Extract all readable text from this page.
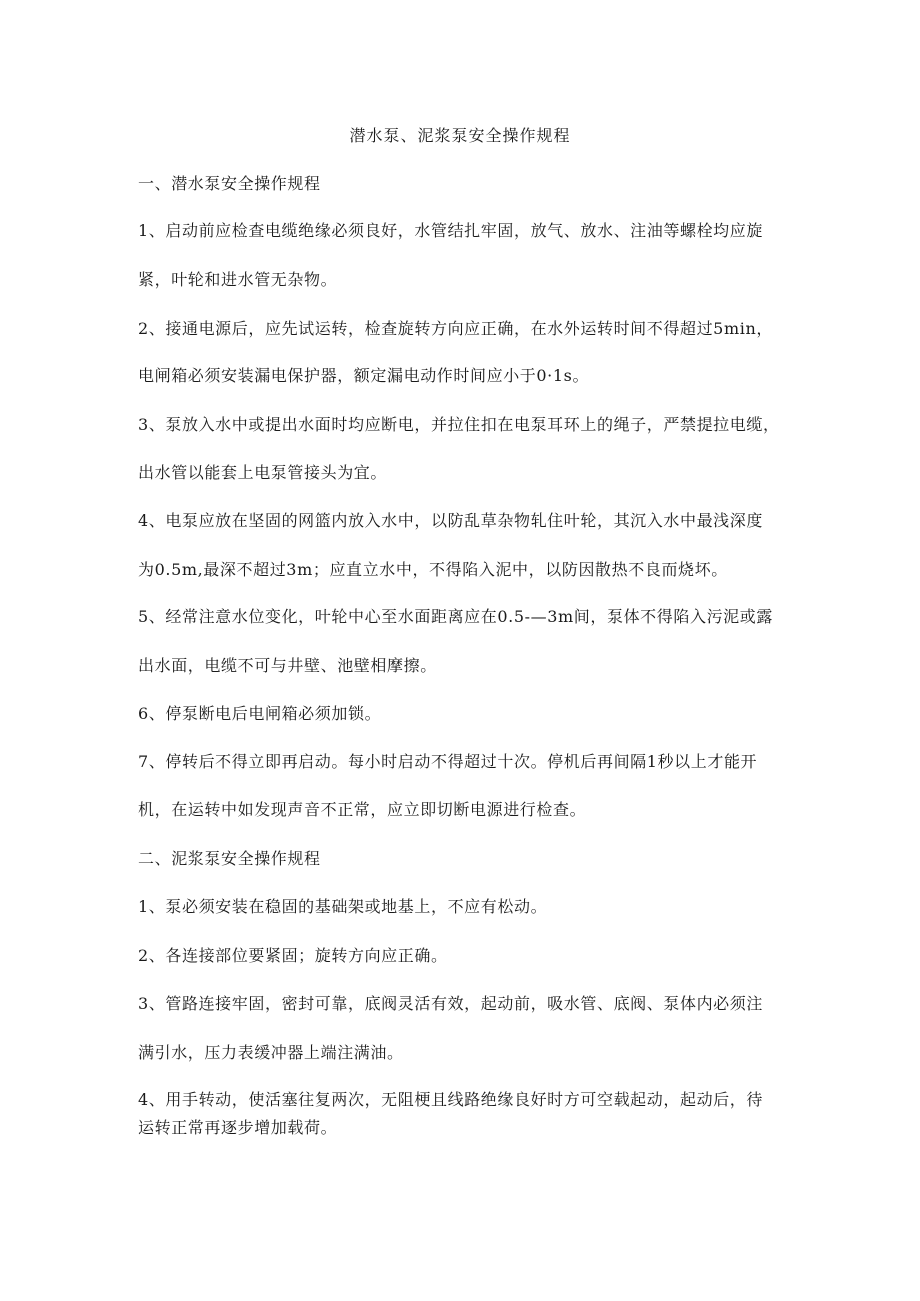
潜水泵、泥浆泵安全操作规程
一、潜水泵安全操作规程
1、启动前应检查电缆绝缘必须良好，水管结扎牢固，放气、放水、注油等螺栓均应旋
紧，叶轮和进水管无杂物。
2、接通电源后，应先试运转，检查旋转方向应正确，在水外运转时间不得超过5min，
电闸箱必须安装漏电保护器，额定漏电动作时间应小于0·1s。
3、泵放入水中或提出水面时均应断电，并拉住扣在电泵耳环上的绳子，严禁提拉电缆，
出水管以能套上电泵管接头为宜。
4、电泵应放在坚固的网篮内放入水中，以防乱草杂物轧住叶轮，其沉入水中最浅深度
为0.5m,最深不超过3m；应直立水中，不得陷入泥中，以防因散热不良而烧坏。
5、经常注意水位变化，叶轮中心至水面距离应在0.5-—3m间，泵体不得陷入污泥或露
出水面，电缆不可与井壁、池壁相摩擦。
6、停泵断电后电闸箱必须加锁。
7、停转后不得立即再启动。每小时启动不得超过十次。停机后再间隔1秒以上才能开
机，在运转中如发现声音不正常，应立即切断电源进行检查。
二、泥浆泵安全操作规程
1、泵必须安装在稳固的基础架或地基上，不应有松动。
2、各连接部位要紧固；旋转方向应正确。
3、管路连接牢固，密封可靠，底阀灵活有效，起动前，吸水管、底阀、泵体内必须注
满引水，压力表缓冲器上端注满油。
4、用手转动，使活塞往复两次，无阻梗且线路绝缘良好时方可空载起动，起动后，待
运转正常再逐步增加载荷。
